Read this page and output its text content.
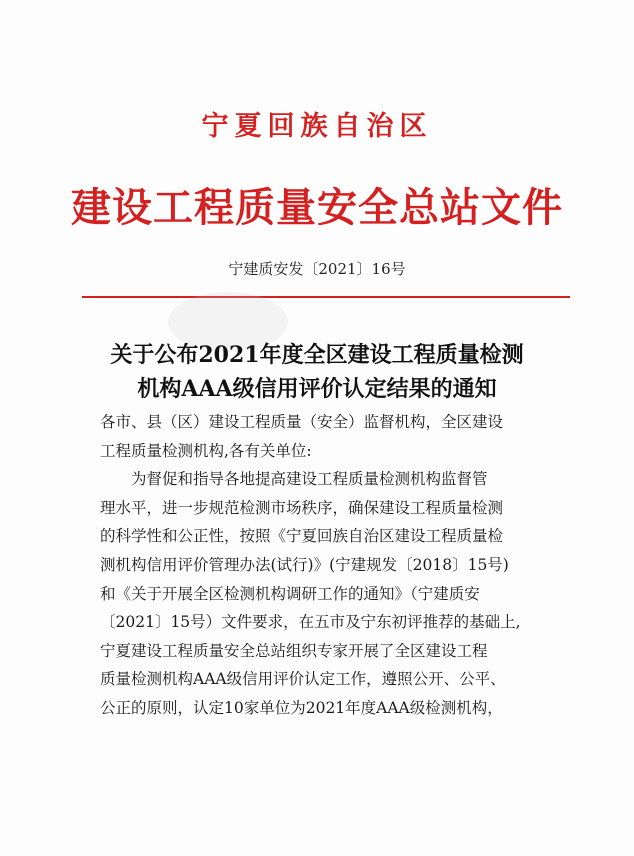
宁夏回族自治区
建设工程质量安全总站文件
宁建质安发〔2021〕16号
关于公布2021年度全区建设工程质量检测
机构AAA级信用评价认定结果的通知

各市、县（区）建设工程质量（安全）监督机构，全区建设

工程质量检测机构,各有关单位:

为督促和指导各地提高建设工程质量检测机构监督管

理水平，进一步规范检测市场秩序，确保建设工程质量检测

的科学性和公正性，按照《宁夏回族自治区建设工程质量检

测机构信用评价管理办法(试行)》(宁建规发〔2018〕15号)

和《关于开展全区检测机构调研工作的通知》（宁建质安

〔2021〕15号）文件要求，在五市及宁东初评推荐的基础上,

宁夏建设工程质量安全总站组织专家开展了全区建设工程

质量检测机构AAA级信用评价认定工作，遵照公开、公平、

公正的原则，认定10家单位为2021年度AAA级检测机构，
